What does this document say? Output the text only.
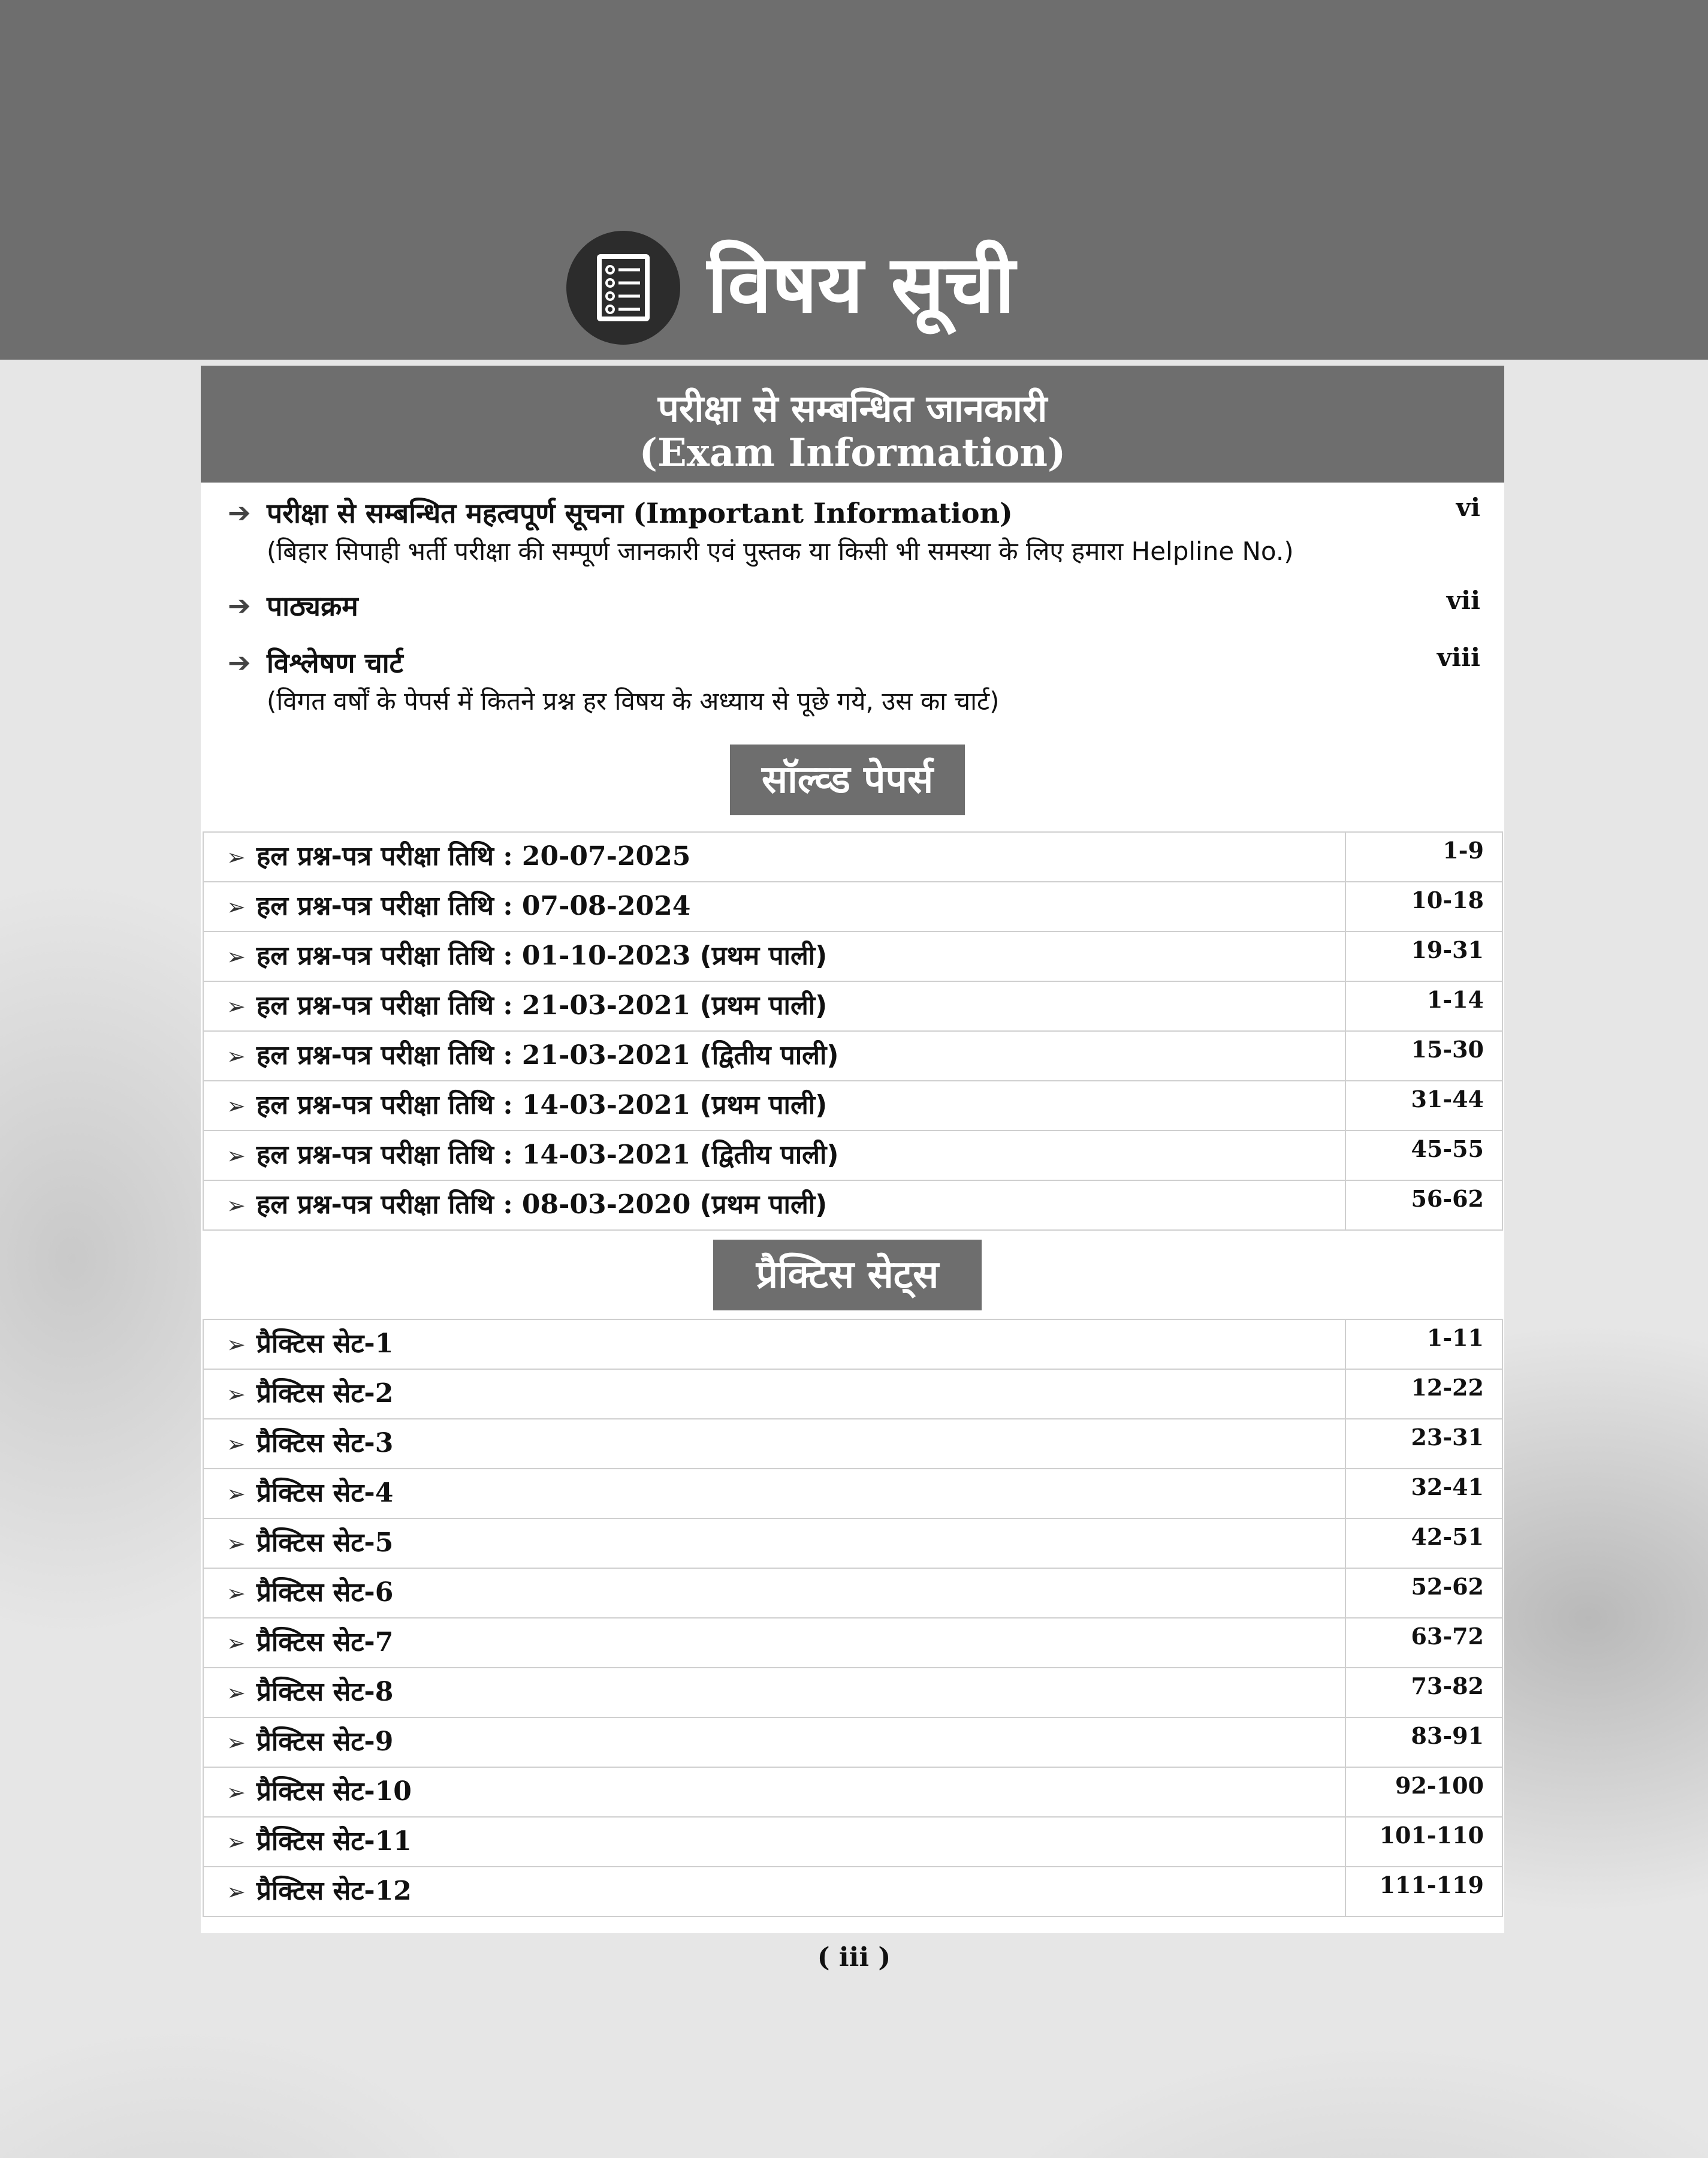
विषय सूची
परीक्षा से सम्बन्धित जानकारी
(Exam Information)
➔ परीक्षा से सम्बन्धित महत्वपूर्ण सूचना (Important Information)
(बिहार सिपाही भर्ती परीक्षा की सम्पूर्ण जानकारी एवं पुस्तक या किसी भी समस्या के लिए हमारा Helpline No.)
vi
➔ पाठ्यक्रम	vii
➔ विश्लेषण चार्ट
(विगत वर्षों के पेपर्स में कितने प्रश्न हर विषय के अध्याय से पूछे गये, उस का चार्ट)
viii
सॉल्व्ड पेपर्स
➢ हल प्रश्न-पत्र परीक्षा तिथि : 20-07-2025	1-9
➢ हल प्रश्न-पत्र परीक्षा तिथि : 07-08-2024	10-18
➢ हल प्रश्न-पत्र परीक्षा तिथि : 01-10-2023 (प्रथम पाली)	19-31
➢ हल प्रश्न-पत्र परीक्षा तिथि : 21-03-2021 (प्रथम पाली)	1-14
➢ हल प्रश्न-पत्र परीक्षा तिथि : 21-03-2021 (द्वितीय पाली)	15-30
➢ हल प्रश्न-पत्र परीक्षा तिथि : 14-03-2021 (प्रथम पाली)	31-44
➢ हल प्रश्न-पत्र परीक्षा तिथि : 14-03-2021 (द्वितीय पाली)	45-55
➢ हल प्रश्न-पत्र परीक्षा तिथि : 08-03-2020 (प्रथम पाली)	56-62
प्रैक्टिस सेट्स
➢ प्रैक्टिस सेट-1	1-11
➢ प्रैक्टिस सेट-2	12-22
➢ प्रैक्टिस सेट-3	23-31
➢ प्रैक्टिस सेट-4	32-41
➢ प्रैक्टिस सेट-5	42-51
➢ प्रैक्टिस सेट-6	52-62
➢ प्रैक्टिस सेट-7	63-72
➢ प्रैक्टिस सेट-8	73-82
➢ प्रैक्टिस सेट-9	83-91
➢ प्रैक्टिस सेट-10	92-100
➢ प्रैक्टिस सेट-11	101-110
➢ प्रैक्टिस सेट-12	111-119
( iii )
